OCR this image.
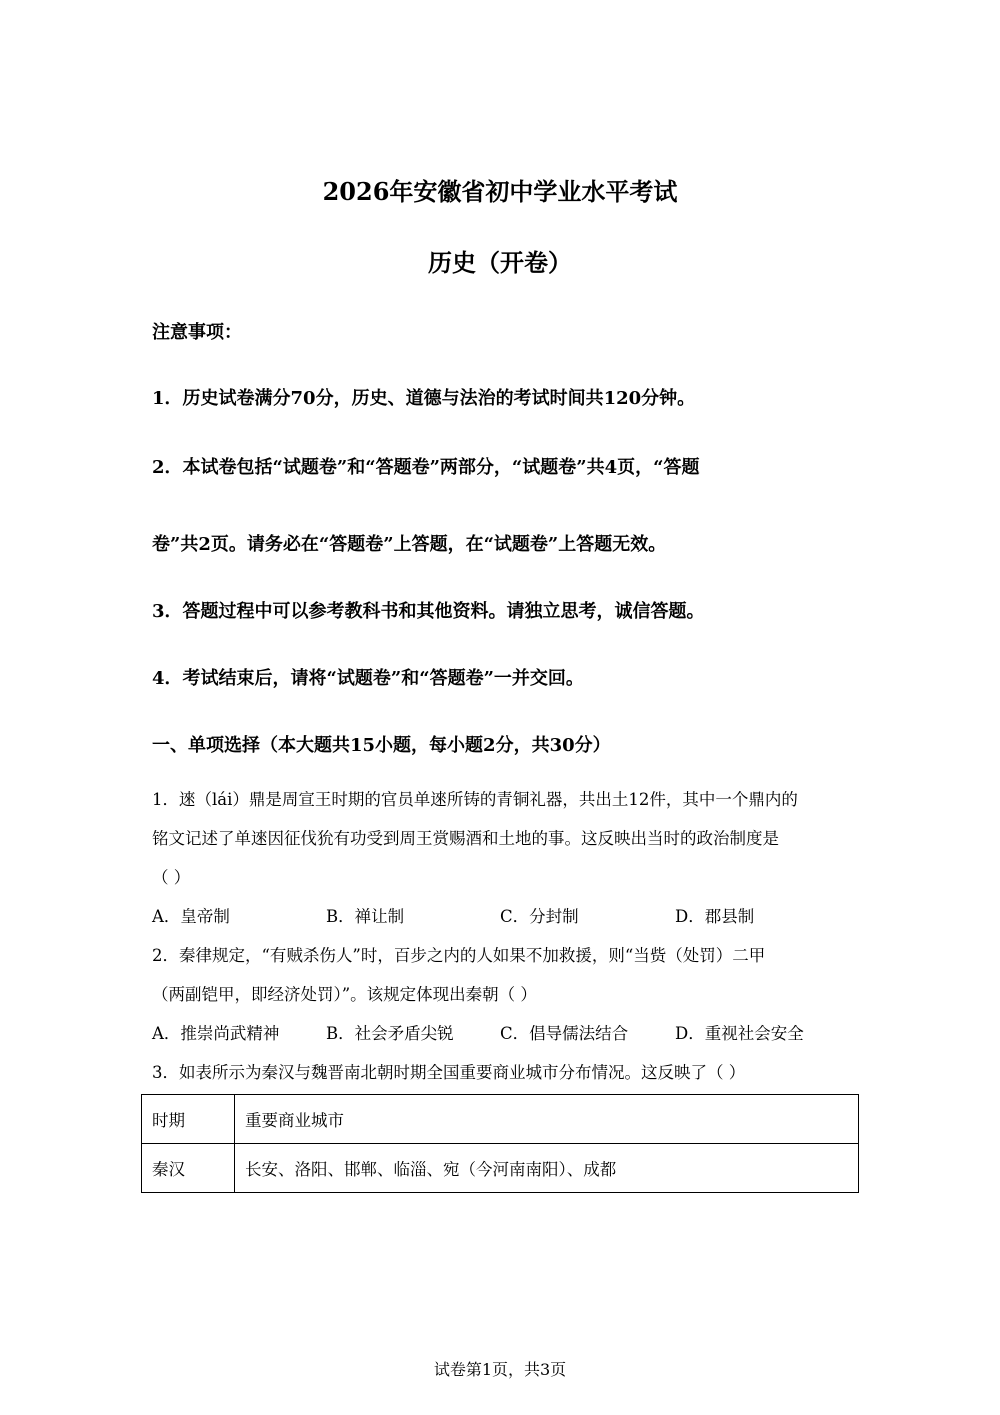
2026年安徽省初中学业水平考试
历史（开卷）
注意事项：
1．历史试卷满分70分，历史、道德与法治的考试时间共120分钟。
2．本试卷包括“试题卷”和“答题卷”两部分，“试题卷”共4页，“答题
卷”共2页。请务必在“答题卷”上答题，在“试题卷”上答题无效。
3．答题过程中可以参考教科书和其他资料。请独立思考，诚信答题。
4．考试结束后，请将“试题卷”和“答题卷”一并交回。
一、单项选择（本大题共15小题，每小题2分，共30分）
1．逨（lái）鼎是周宣王时期的官员单逨所铸的青铜礼器，共出土12件，其中一个鼎内的
铭文记述了单逨因征伐狁有功受到周王赏赐酒和土地的事。这反映出当时的政治制度是
（ ）
A．皇帝制	B．禅让制	C．分封制	D．郡县制
2．秦律规定，“有贼杀伤人”时，百步之内的人如果不加救援，则“当赀（处罚）二甲
（两副铠甲，即经济处罚）”。该规定体现出秦朝（ ）
A．推崇尚武精神	B．社会矛盾尖锐	C．倡导儒法结合	D．重视社会安全
3．如表所示为秦汉与魏晋南北朝时期全国重要商业城市分布情况。这反映了（ ）
时期	重要商业城市
秦汉	长安、洛阳、邯郸、临淄、宛（今河南南阳）、成都
试卷第1页，共3页
